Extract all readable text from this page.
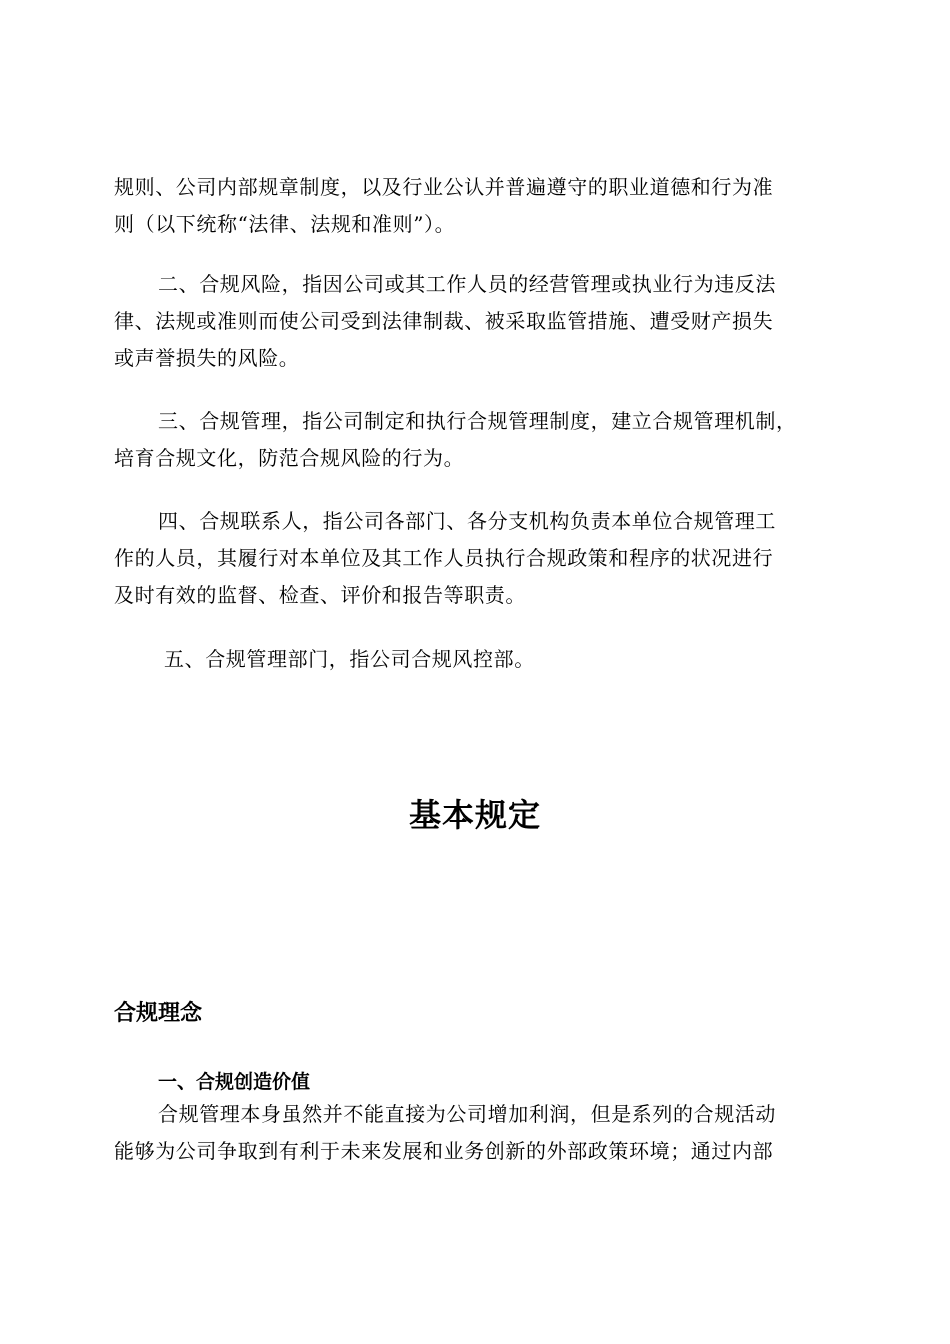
规则、公司内部规章制度，以及行业公认并普遍遵守的职业道德和行为准
则（以下统称“法律、法规和准则”）。
二、合规风险，指因公司或其工作人员的经营管理或执业行为违反法
律、法规或准则而使公司受到法律制裁、被采取监管措施、遭受财产损失
或声誉损失的风险。
三、合规管理，指公司制定和执行合规管理制度，建立合规管理机制，
培育合规文化，防范合规风险的行为。
四、合规联系人，指公司各部门、各分支机构负责本单位合规管理工
作的人员，其履行对本单位及其工作人员执行合规政策和程序的状况进行
及时有效的监督、检查、评价和报告等职责。
五、合规管理部门，指公司合规风控部。
基本规定
合规理念
一、合规创造价值
合规管理本身虽然并不能直接为公司增加利润，但是系列的合规活动
能够为公司争取到有利于未来发展和业务创新的外部政策环境；通过内部
